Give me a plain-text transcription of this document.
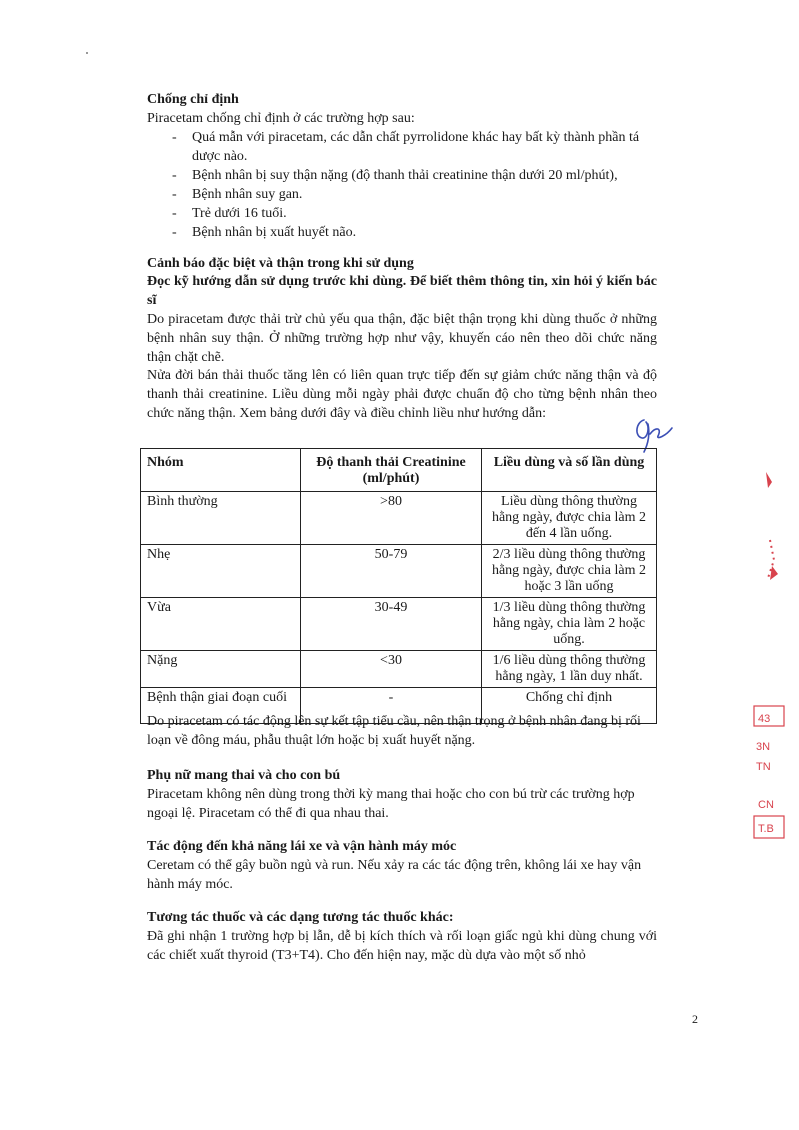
Chống chỉ định
Piracetam chống chỉ định ở các trường hợp sau:
- Quá mẫn với piracetam, các dẫn chất pyrrolidone khác hay bất kỳ thành phần tá dược nào.
- Bệnh nhân bị suy thận nặng (độ thanh thải creatinine thận dưới 20 ml/phút),
- Bệnh nhân suy gan.
- Trẻ dưới 16 tuổi.
- Bệnh nhân bị xuất huyết não.
Cảnh báo đặc biệt và thận trong khi sử dụng
Đọc kỹ hướng dẫn sử dụng trước khi dùng. Để biết thêm thông tin, xin hỏi ý kiến bác sĩ
Do piracetam được thải trừ chủ yếu qua thận, đặc biệt thận trọng khi dùng thuốc ở những bệnh nhân suy thận. Ở những trường hợp như vậy, khuyến cáo nên theo dõi chức năng thận chặt chẽ.
Nửa đời bán thải thuốc tăng lên có liên quan trực tiếp đến sự giảm chức năng thận và độ thanh thải creatinine. Liều dùng mỗi ngày phải được chuẩn độ cho từng bệnh nhân theo chức năng thận. Xem bảng dưới đây và điều chỉnh liều như hướng dẫn:
Nhóm	Độ thanh thải Creatinine (ml/phút)	Liều dùng và số lần dùng
Bình thường	>80	Liều dùng thông thường hằng ngày, được chia làm 2 đến 4 lần uống.
Nhẹ	50-79	2/3 liều dùng thông thường hằng ngày, được chia làm 2 hoặc 3 lần uống
Vừa	30-49	1/3 liều dùng thông thường hằng ngày, chia làm 2 hoặc uống.
Nặng	<30	1/6 liều dùng thông thường hằng ngày, 1 lần duy nhất.
Bệnh thận giai đoạn cuối	-	Chống chỉ định
Do piracetam có tác động lên sự kết tập tiểu cầu, nên thận trọng ở bệnh nhân đang bị rối loạn về đông máu, phẫu thuật lớn hoặc bị xuất huyết nặng.
Phụ nữ mang thai và cho con bú
Piracetam không nên dùng trong thời kỳ mang thai hoặc cho con bú trừ các trường hợp ngoại lệ. Piracetam có thể đi qua nhau thai.
Tác động đến khả năng lái xe và vận hành máy móc
Ceretam có thể gây buồn ngủ và run. Nếu xảy ra các tác động trên, không lái xe hay vận hành máy móc.
Tương tác thuốc và các dạng tương tác thuốc khác:
Đã ghi nhận 1 trường hợp bị lẫn, dễ bị kích thích và rối loạn giấc ngủ khi dùng chung với các chiết xuất thyroid (T3+T4). Cho đến hiện nay, mặc dù dựa vào một số nhỏ
2
43
3N
TN
CN
T.B
